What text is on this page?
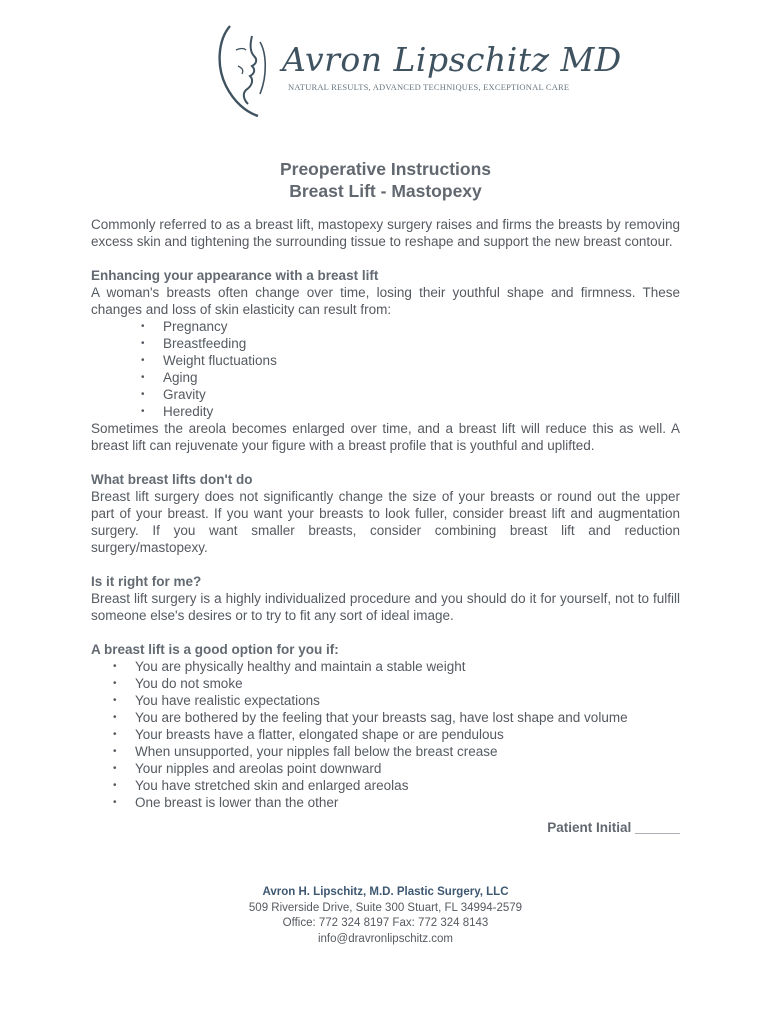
Avron Lipschitz MD
NATURAL RESULTS, ADVANCED TECHNIQUES, EXCEPTIONAL CARE
Preoperative Instructions
Breast Lift - Mastopexy

Commonly referred to as a breast lift, mastopexy surgery raises and firms the breasts by removing excess skin and tightening the surrounding tissue to reshape and support the new breast contour.

Enhancing your appearance with a breast lift

A woman's breasts often change over time, losing their youthful shape and firmness. These changes and loss of skin elasticity can result from:

• Pregnancy
• Breastfeeding
• Weight fluctuations
• Aging
• Gravity
• Heredity

Sometimes the areola becomes enlarged over time, and a breast lift will reduce this as well. A breast lift can rejuvenate your figure with a breast profile that is youthful and uplifted.

What breast lifts don't do

Breast lift surgery does not significantly change the size of your breasts or round out the upper part of your breast. If you want your breasts to look fuller, consider breast lift and augmentation surgery. If you want smaller breasts, consider combining breast lift and reduction surgery/mastopexy.

Is it right for me?

Breast lift surgery is a highly individualized procedure and you should do it for yourself, not to fulfill someone else's desires or to try to fit any sort of ideal image.

A breast lift is a good option for you if:
• You are physically healthy and maintain a stable weight
• You do not smoke
• You have realistic expectations
• You are bothered by the feeling that your breasts sag, have lost shape and volume
• Your breasts have a flatter, elongated shape or are pendulous
• When unsupported, your nipples fall below the breast crease
• Your nipples and areolas point downward
• You have stretched skin and enlarged areolas
• One breast is lower than the other
Patient Initial ______
Avron H. Lipschitz, M.D. Plastic Surgery, LLC
509 Riverside Drive, Suite 300 Stuart, FL 34994-2579
Office: 772 324 8197 Fax: 772 324 8143
info@dravronlipschitz.com
